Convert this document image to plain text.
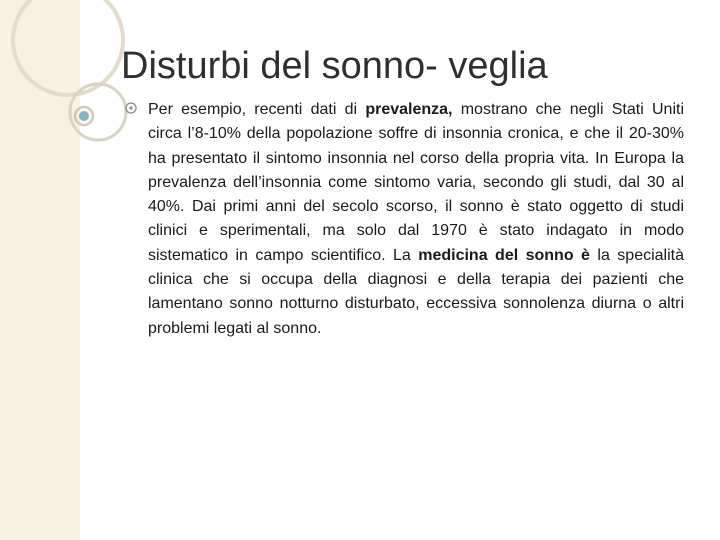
Disturbi del sonno- veglia

Per esempio, recenti dati di prevalenza, mostrano che negli Stati Uniti circa l’8-10% della popolazione soffre di insonnia cronica, e che il 20-30% ha presentato il sintomo insonnia nel corso della propria vita. In Europa la prevalenza dell’insonnia come sintomo varia, secondo gli studi, dal 30 al 40%. Dai primi anni del secolo scorso, il sonno è stato oggetto di studi clinici e sperimentali, ma solo dal 1970 è stato indagato in modo sistematico in campo scientifico. La medicina del sonno è la specialità clinica che si occupa della diagnosi e della terapia dei pazienti che lamentano sonno notturno disturbato, eccessiva sonnolenza diurna o altri problemi legati al sonno.
